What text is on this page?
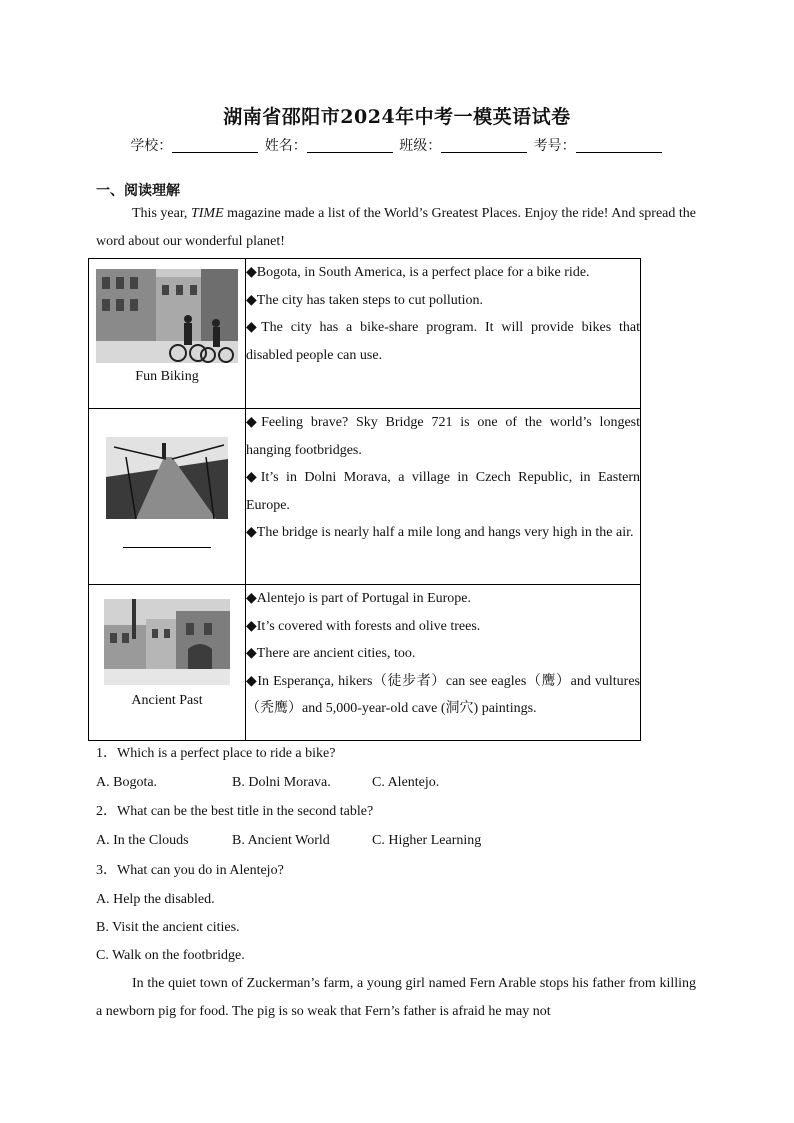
湖南省邵阳市2024年中考一模英语试卷
学校：	姓名：	班级：	考号：
一、阅读理解
This year, TIME magazine made a list of the World’s Greatest Places. Enjoy the ride! And spread the word about our wonderful planet!
Fun Biking	◆Bogota, in South America, is a perfect place for a bike ride.
◆The city has taken steps to cut pollution.
◆The city has a bike-share program. It will provide bikes that disabled people can use.

◆Feeling brave? Sky Bridge 721 is one of the world’s longest hanging footbridges.
◆It’s in Dolni Morava, a village in Czech Republic, in Eastern Europe.
◆The bridge is nearly half a mile long and hangs very high in the air.

Ancient Past	◆Alentejo is part of Portugal in Europe.
◆It’s covered with forests and olive trees.
◆There are ancient cities, too.
◆In Esperança, hikers（徒步者）can see eagles（鹰）and vultures（秃鹰）and 5,000-year-old cave (洞穴) paintings.
1．Which is a perfect place to ride a bike?
A. Bogota.	B. Dolni Morava.	C. Alentejo.
2．What can be the best title in the second table?
A. In the Clouds	B. Ancient World	C. Higher Learning
3．What can you do in Alentejo?
A. Help the disabled.
B. Visit the ancient cities.
C. Walk on the footbridge.
In the quiet town of Zuckerman’s farm, a young girl named Fern Arable stops his father from killing a newborn pig for food. The pig is so weak that Fern’s father is afraid he may not
